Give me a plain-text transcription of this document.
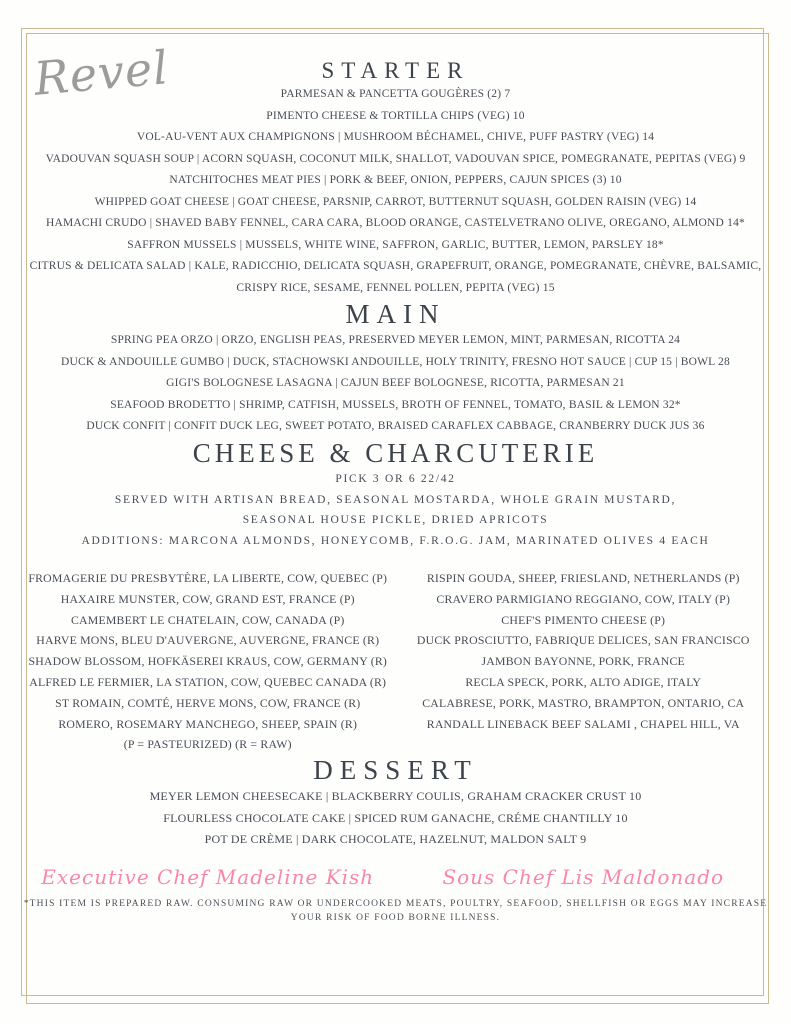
Revel	STARTER
PARMESAN & PANCETTA GOUGÈRES (2) 7
PIMENTO CHEESE & TORTILLA CHIPS (VEG) 10
VOL-AU-VENT AUX CHAMPIGNONS | MUSHROOM BÉCHAMEL, CHIVE, PUFF PASTRY (VEG) 14
VADOUVAN SQUASH SOUP | ACORN SQUASH, COCONUT MILK, SHALLOT, VADOUVAN SPICE, POMEGRANATE, PEPITAS (VEG) 9
NATCHITOCHES MEAT PIES | PORK & BEEF, ONION, PEPPERS, CAJUN SPICES (3) 10
WHIPPED GOAT CHEESE | GOAT CHEESE, PARSNIP, CARROT, BUTTERNUT SQUASH, GOLDEN RAISIN (VEG) 14
HAMACHI CRUDO | SHAVED BABY FENNEL, CARA CARA, BLOOD ORANGE, CASTELVETRANO OLIVE, OREGANO, ALMOND 14*
SAFFRON MUSSELS | MUSSELS, WHITE WINE, SAFFRON, GARLIC, BUTTER, LEMON, PARSLEY 18*
CITRUS & DELICATA SALAD | KALE, RADICCHIO, DELICATA SQUASH, GRAPEFRUIT, ORANGE, POMEGRANATE, CHÈVRE, BALSAMIC, CRISPY RICE, SESAME, FENNEL POLLEN, PEPITA (VEG) 15
MAIN
SPRING PEA ORZO | ORZO, ENGLISH PEAS, PRESERVED MEYER LEMON, MINT, PARMESAN, RICOTTA 24
DUCK & ANDOUILLE GUMBO | DUCK, STACHOWSKI ANDOUILLE, HOLY TRINITY, FRESNO HOT SAUCE | CUP 15 | BOWL 28
GIGI'S BOLOGNESE LASAGNA | CAJUN BEEF BOLOGNESE, RICOTTA, PARMESAN 21
SEAFOOD BRODETTO | SHRIMP, CATFISH, MUSSELS, BROTH OF FENNEL, TOMATO, BASIL & LEMON 32*
DUCK CONFIT | CONFIT DUCK LEG, SWEET POTATO, BRAISED CARAFLEX CABBAGE, CRANBERRY DUCK JUS 36
CHEESE & CHARCUTERIE
PICK 3 OR 6 22/42
SERVED WITH ARTISAN BREAD, SEASONAL MOSTARDA, WHOLE GRAIN MUSTARD,
SEASONAL HOUSE PICKLE, DRIED APRICOTS
ADDITIONS: MARCONA ALMONDS, HONEYCOMB, F.R.O.G. JAM, MARINATED OLIVES 4 EACH
FROMAGERIE DU PRESBYTÈRE, LA LIBERTE, COW, QUEBEC (P)
HAXAIRE MUNSTER, COW, GRAND EST, FRANCE (P)
CAMEMBERT LE CHATELAIN, COW, CANADA (P)
HARVE MONS, BLEU D'AUVERGNE, AUVERGNE, FRANCE (R)
SHADOW BLOSSOM, HOFKÄSEREI KRAUS, COW, GERMANY (R)
ALFRED LE FERMIER, LA STATION, COW, QUEBEC CANADA (R)
ST ROMAIN, COMTÉ, HERVE MONS, COW, FRANCE (R)
ROMERO, ROSEMARY MANCHEGO, SHEEP, SPAIN (R)
(P = PASTEURIZED) (R = RAW)
RISPIN GOUDA, SHEEP, FRIESLAND, NETHERLANDS (P)
CRAVERO PARMIGIANO REGGIANO, COW, ITALY (P)
CHEF'S PIMENTO CHEESE (P)
DUCK PROSCIUTTO, FABRIQUE DELICES, SAN FRANCISCO
JAMBON BAYONNE, PORK, FRANCE
RECLA SPECK, PORK, ALTO ADIGE, ITALY
CALABRESE, PORK, MASTRO, BRAMPTON, ONTARIO, CA
RANDALL LINEBACK BEEF SALAMI , CHAPEL HILL, VA
DESSERT
MEYER LEMON CHEESECAKE | BLACKBERRY COULIS, GRAHAM CRACKER CRUST 10
FLOURLESS CHOCOLATE CAKE | SPICED RUM GANACHE, CRÉME CHANTILLY 10
POT DE CRÈME | DARK CHOCOLATE, HAZELNUT, MALDON SALT 9
Executive Chef Madeline Kish	Sous Chef Lis Maldonado
*THIS ITEM IS PREPARED RAW. CONSUMING RAW OR UNDERCOOKED MEATS, POULTRY, SEAFOOD, SHELLFISH OR EGGS MAY INCREASE YOUR RISK OF FOOD BORNE ILLNESS.
